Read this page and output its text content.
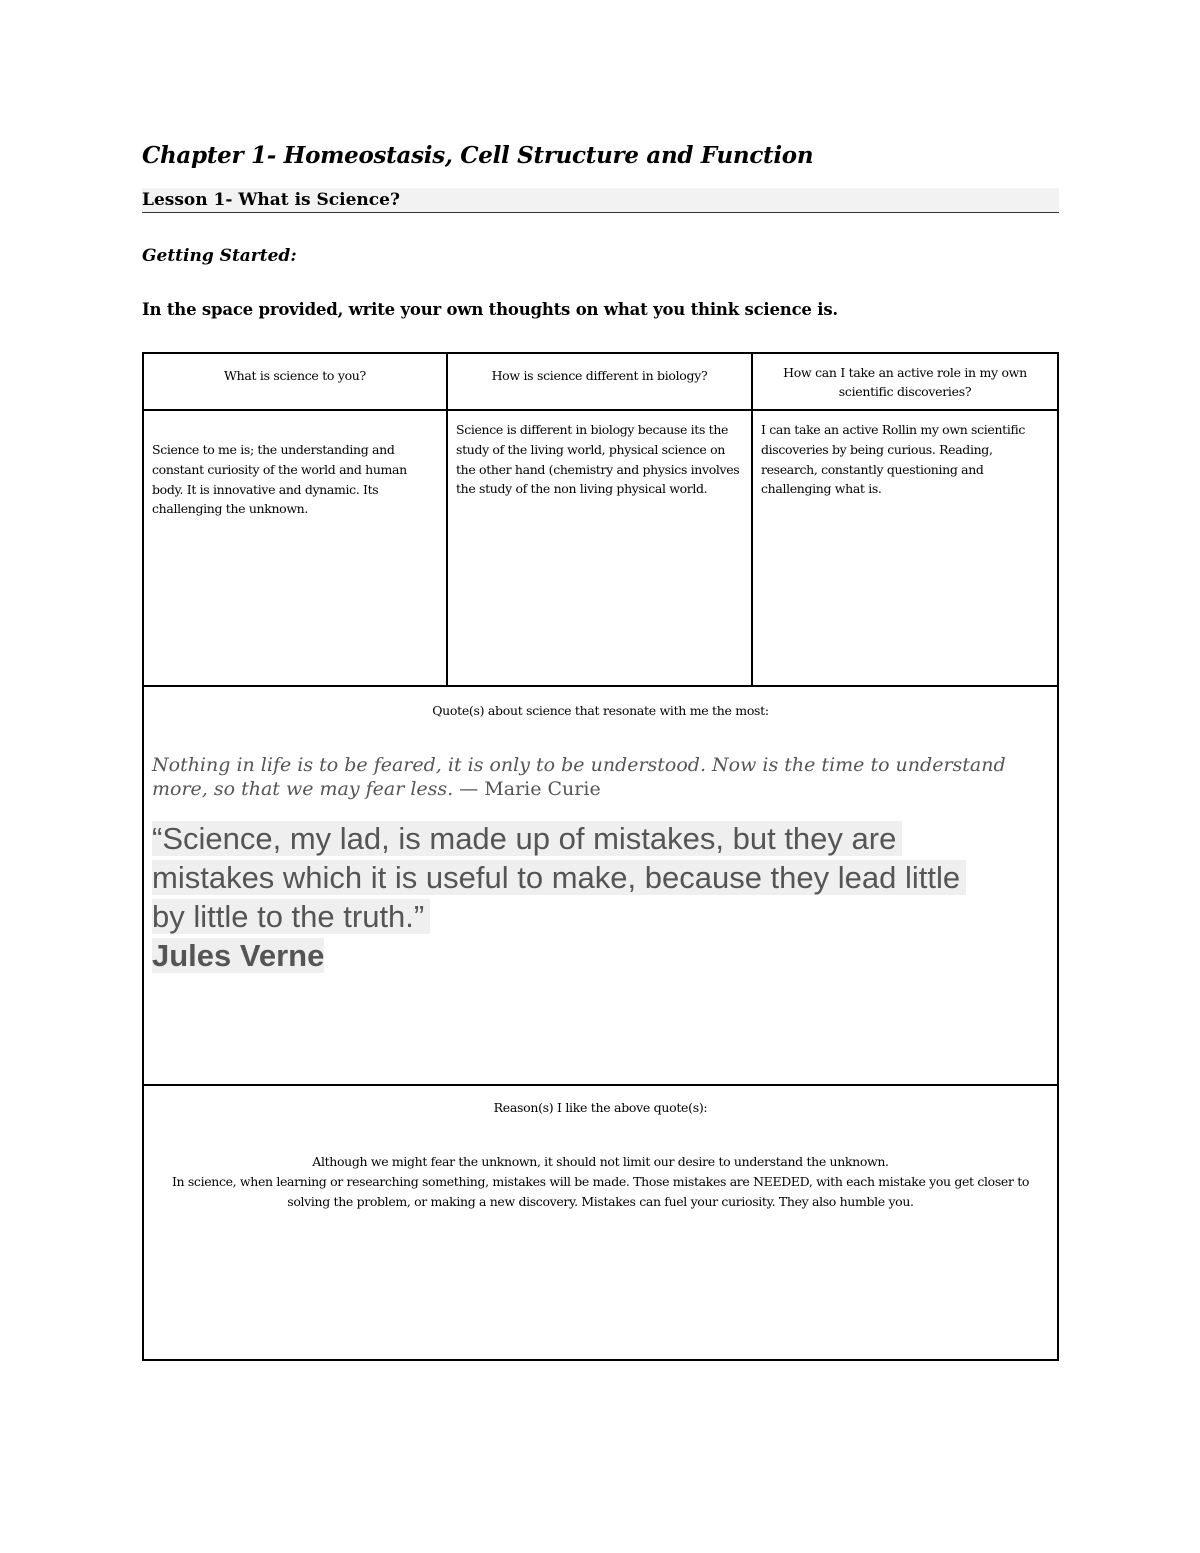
Chapter 1- Homeostasis, Cell Structure and Function
Lesson 1- What is Science?
Getting Started:
In the space provided, write your own thoughts on what you think science is.
What is science to you?	How is science different in biology?	How can I take an active role in my own scientific discoveries?
Science to me is; the understanding and constant curiosity of the world and human body. It is innovative and dynamic. Its challenging the unknown.
Science is different in biology because its the study of the living world, physical science on the other hand (chemistry and physics involves the study of the non living physical world.
I can take an active Rollin my own scientific discoveries by being curious. Reading, research, constantly questioning and challenging what is.
Quote(s) about science that resonate with me the most:
Nothing in life is to be feared, it is only to be understood. Now is the time to understand more, so that we may fear less. — Marie Curie
“Science, my lad, is made up of mistakes, but they are
mistakes which it is useful to make, because they lead little
by little to the truth.”
Jules Verne
Reason(s) I like the above quote(s):
Although we might fear the unknown, it should not limit our desire to understand the unknown.
In science, when learning or researching something, mistakes will be made. Those mistakes are NEEDED, with each mistake you get closer to solving the problem, or making a new discovery. Mistakes can fuel your curiosity. They also humble you.
